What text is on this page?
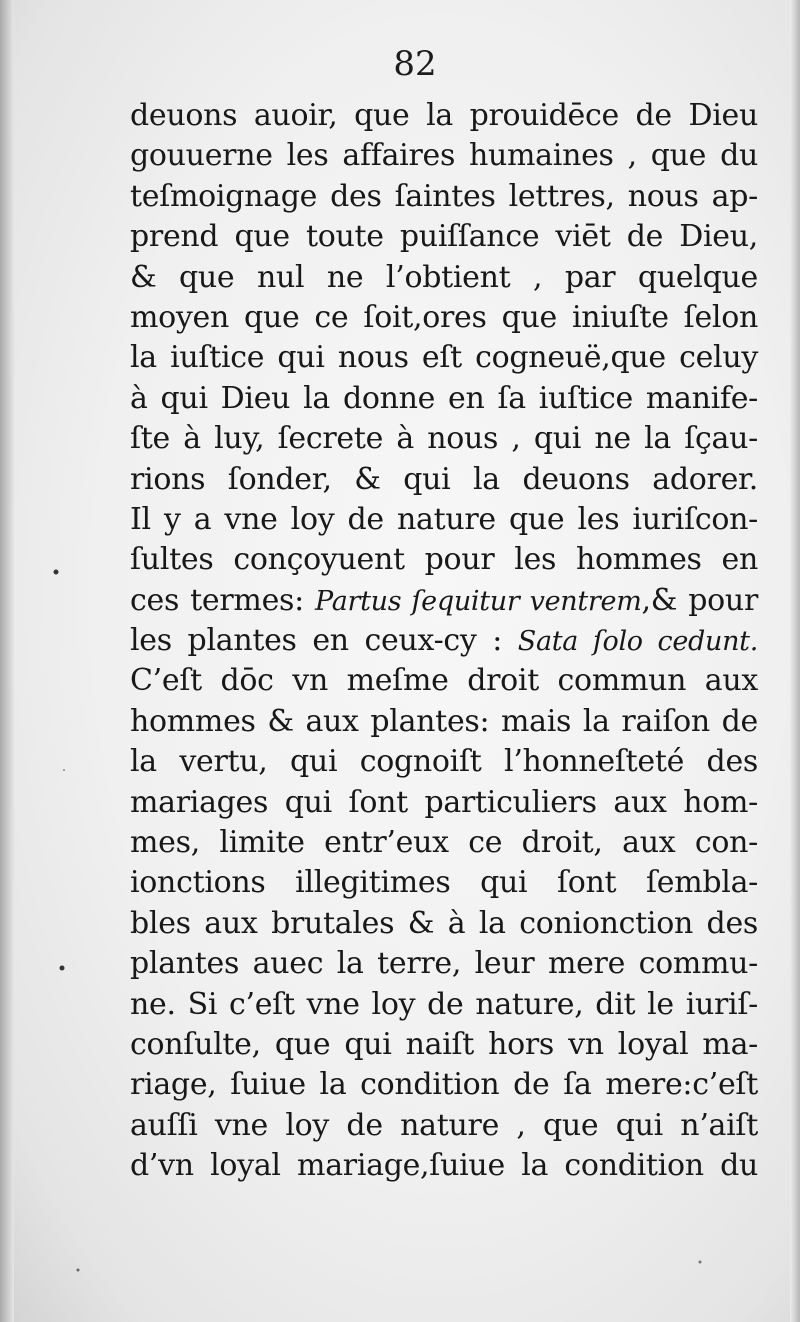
82
deuons auoir, que la prouidēce de Dieu
gouuerne les affaires humaines , que du
teſmoignage des ſaintes lettres, nous ap-
prend que toute puiſſance viēt de Dieu,
& que nul ne l’obtient , par quelque
moyen que ce ſoit,ores que iniuſte ſelon
la iuſtice qui nous eſt cogneuë,que celuy
à qui Dieu la donne en ſa iuſtice manife-
ſte à luy, ſecrete à nous , qui ne la ſçau-
rions ſonder, & qui la deuons adorer.
Il y a vne loy de nature que les iuriſcon-
ſultes conçoyuent pour les hommes en
ces termes: Partus ſequitur ventrem,& pour
les plantes en ceux-cy : Sata ſolo cedunt.
C’eſt dōc vn meſme droit commun aux
hommes & aux plantes: mais la raiſon de
la vertu, qui cognoiſt l’honneſteté des
mariages qui ſont particuliers aux hom-
mes, limite entr’eux ce droit, aux con-
ionctions illegitimes qui ſont ſembla-
bles aux brutales & à la conionction des
plantes auec la terre, leur mere commu-
ne. Si c’eſt vne loy de nature, dit le iuriſ-
conſulte, que qui naiſt hors vn loyal ma-
riage, ſuiue la condition de ſa mere:c’eſt
auſſi vne loy de nature , que qui n’aiſt
d’vn loyal mariage,ſuiue la condition du
